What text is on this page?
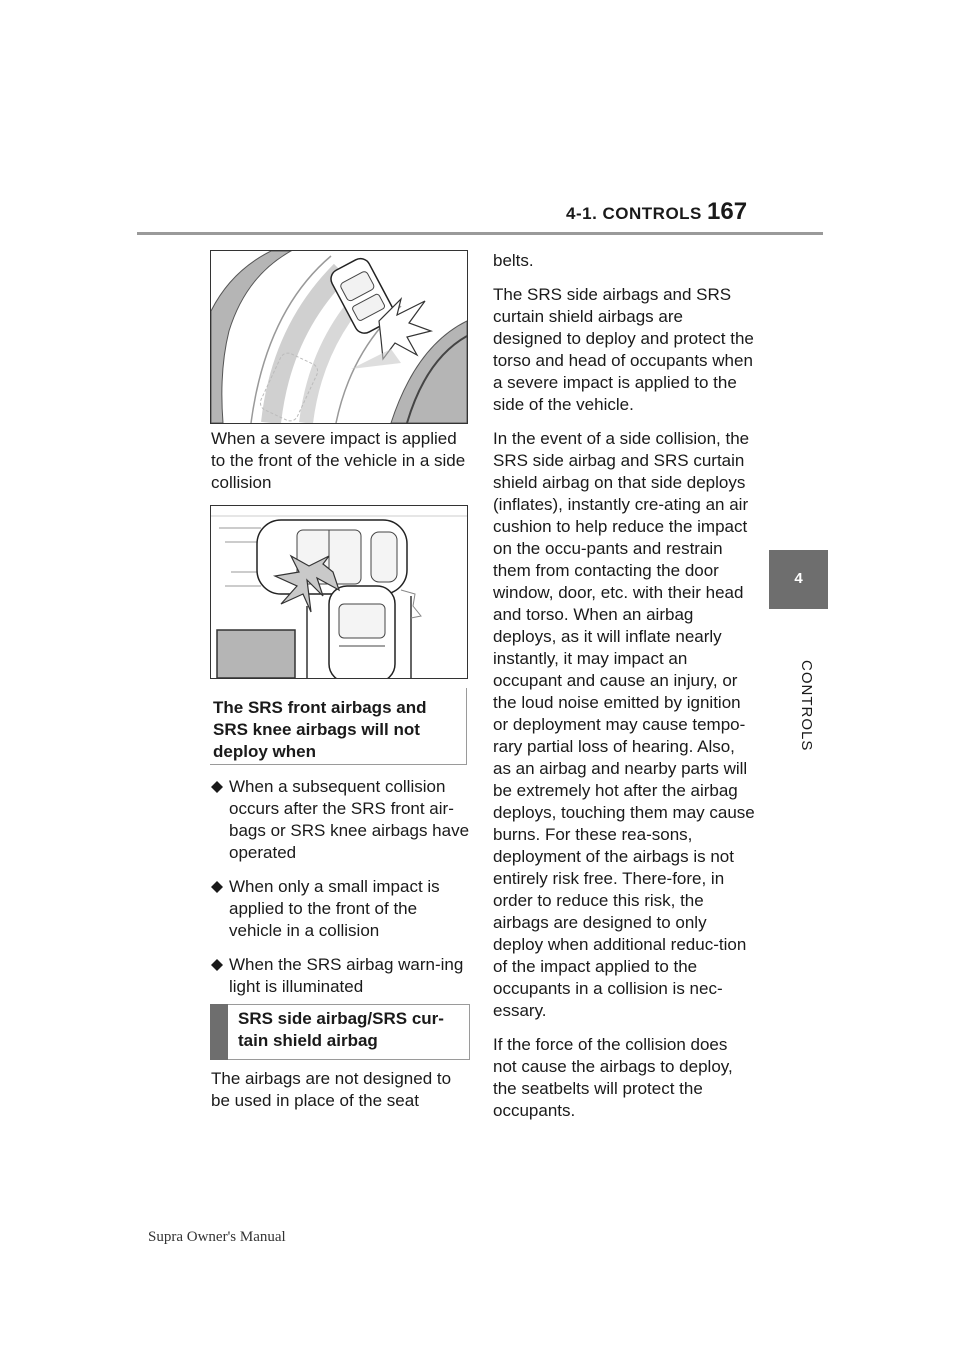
4-1. CONTROLS 167
4
CONTROLS
When a severe impact is applied to the front of the vehicle in a side collision
The SRS front airbags and SRS knee airbags will not deploy when
When a subsequent collision occurs after the SRS front air-bags or SRS knee airbags have operated
When only a small impact is applied to the front of the vehicle in a collision
When the SRS airbag warn-ing light is illuminated
SRS side airbag/SRS cur-tain shield airbag
The airbags are not designed to be used in place of the seat

belts.

The SRS side airbags and SRS curtain shield airbags are designed to deploy and protect the torso and head of occupants when a severe impact is applied to the side of the vehicle.

In the event of a side collision, the SRS side airbag and SRS curtain shield airbag on that side deploys (inflates), instantly cre-ating an air cushion to help reduce the impact on the occu-pants and restrain them from contacting the door window, door, etc. with their head and torso. When an airbag deploys, as it will inflate nearly instantly, it may impact an occupant and cause an injury, or the loud noise emitted by ignition or deployment may cause tempo-rary partial loss of hearing. Also, as an airbag and nearby parts will be extremely hot after the airbag deploys, touching them may cause burns. For these rea-sons, deployment of the airbags is not entirely risk free. There-fore, in order to reduce this risk, the airbags are designed to only deploy when additional reduc-tion of the impact applied to the occupants in a collision is nec-essary.

If the force of the collision does not cause the airbags to deploy, the seatbelts will protect the occupants.

Supra Owner's Manual
